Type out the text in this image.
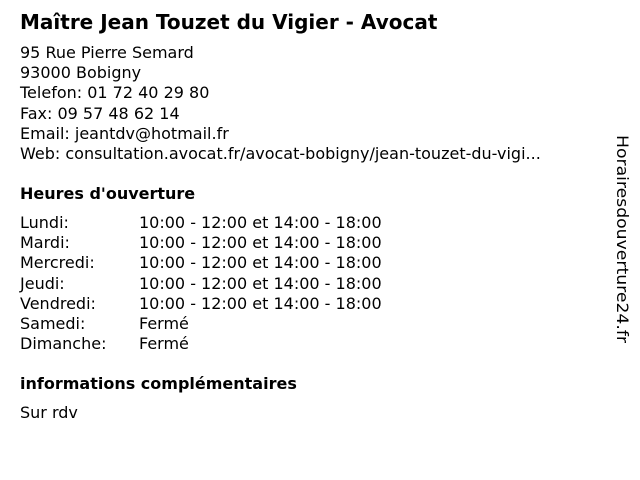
Maître Jean Touzet du Vigier - Avocat
95 Rue Pierre Semard
93000 Bobigny
Telefon: 01 72 40 29 80
Fax: 09 57 48 62 14
Email: jeantdv@hotmail.fr
Web: consultation.avocat.fr/avocat-bobigny/jean-touzet-du-vigi...
Heures d'ouverture
Lundi:	10:00 - 12:00 et 14:00 - 18:00
Mardi:	10:00 - 12:00 et 14:00 - 18:00
Mercredi:	10:00 - 12:00 et 14:00 - 18:00
Jeudi:	10:00 - 12:00 et 14:00 - 18:00
Vendredi:	10:00 - 12:00 et 14:00 - 18:00
Samedi:	Fermé
Dimanche: Fermé
informations complémentaires
Sur rdv
Horairesdouverture24.fr
